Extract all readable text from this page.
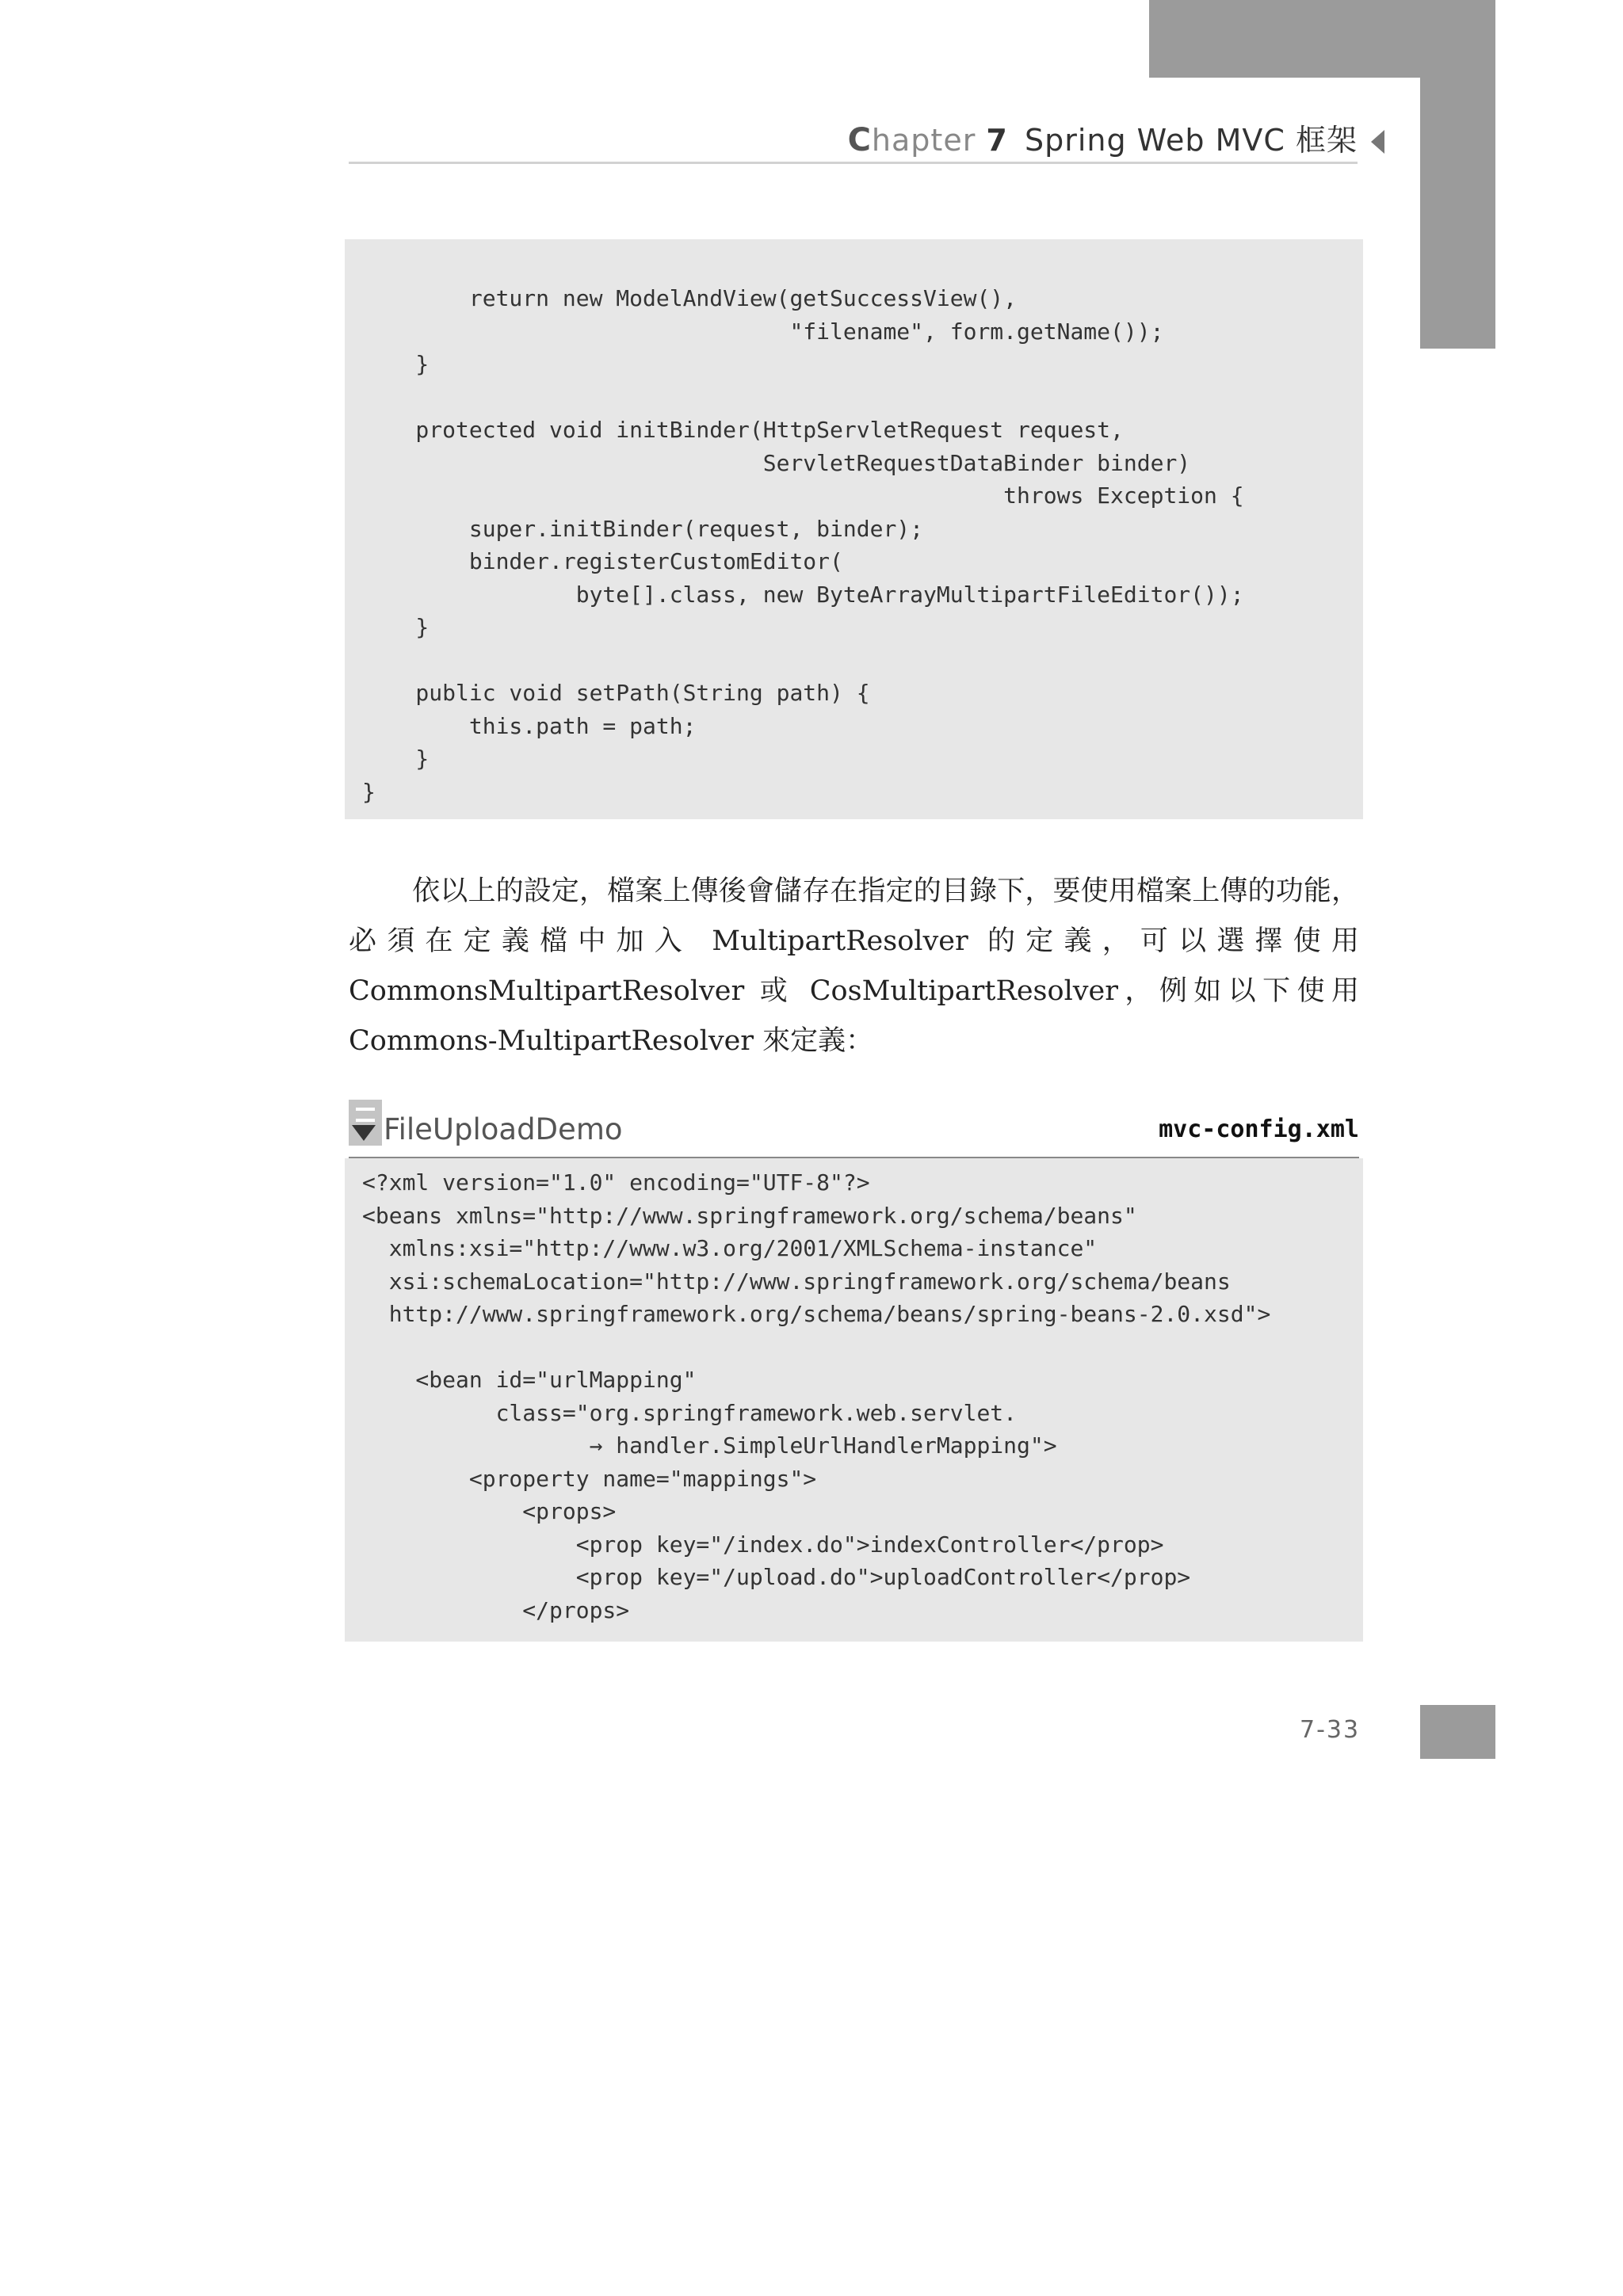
Chapter 7 Spring Web MVC 框架
return new ModelAndView(getSuccessView(),
"filename", form.getName());
}

protected void initBinder(HttpServletRequest request,
ServletRequestDataBinder binder)
throws Exception {
super.initBinder(request, binder);
binder.registerCustomEditor(
byte[].class, new ByteArrayMultipartFileEditor());
}

public void setPath(String path) {
this.path = path;
}
}

依以上的設定，檔案上傳後會儲存在指定的目錄下，要使用檔案上傳的功能，必須在定義檔中加入 MultipartResolver 的定義，可以選擇使用 CommonsMultipartResolver 或 CosMultipartResolver，例如以下使用 Commons-MultipartResolver 來定義：

FileUploadDemo	mvc-config.xml
<?xml version="1.0" encoding="UTF-8"?>
<beans xmlns="http://www.springframework.org/schema/beans"
xmlns:xsi="http://www.w3.org/2001/XMLSchema-instance"
xsi:schemaLocation="http://www.springframework.org/schema/beans
http://www.springframework.org/schema/beans/spring-beans-2.0.xsd">

<bean id="urlMapping"
class="org.springframework.web.servlet.
→ handler.SimpleUrlHandlerMapping">
<property name="mappings">
<props>
<prop key="/index.do">indexController</prop>
<prop key="/upload.do">uploadController</prop>
</props>
7-33
